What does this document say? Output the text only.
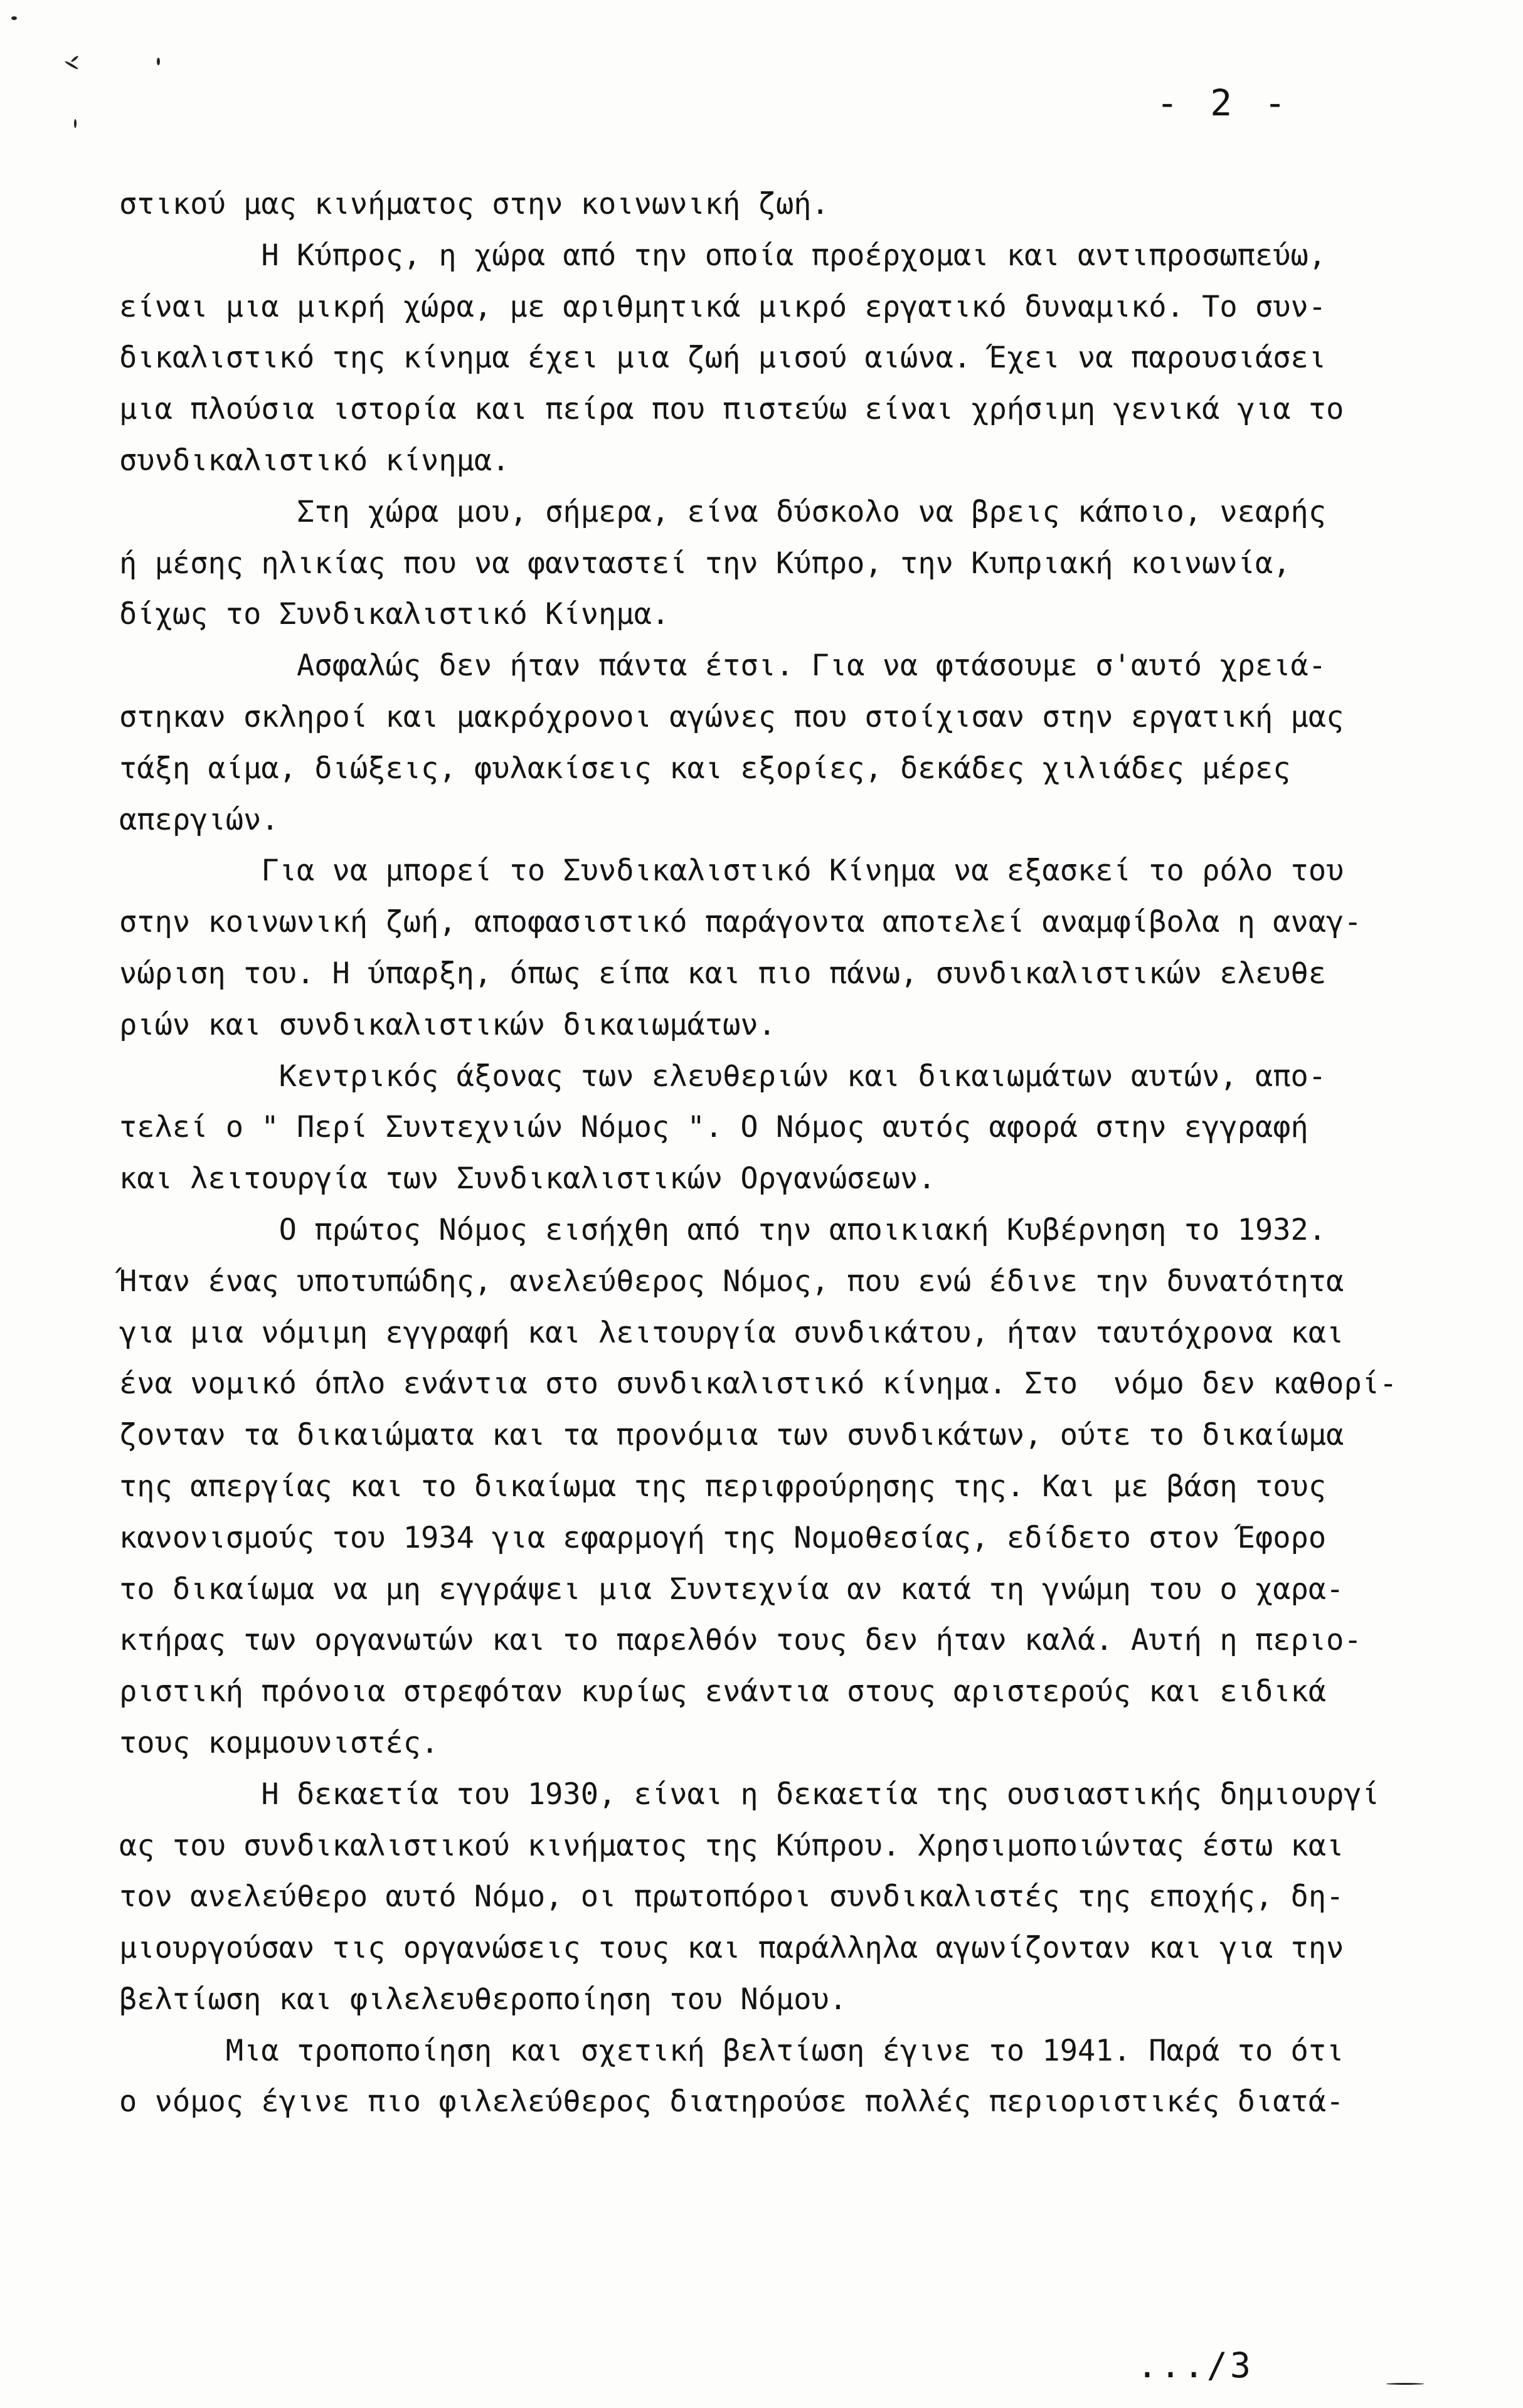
- 2 -
στικού μας κινήματος στην κοινωνική ζωή.
Η Κύπρος, η χώρα από την οποία προέρχομαι και αντιπροσωπεύω,
είναι μια μικρή χώρα, με αριθμητικά μικρό εργατικό δυναμικό. Το συν-
δικαλιστικό της κίνημα έχει μια ζωή μισού αιώνα. Έχει να παρουσιάσει
μια πλούσια ιστορία και πείρα που πιστεύω είναι χρήσιμη γενικά για το
συνδικαλιστικό κίνημα.
Στη χώρα μου, σήμερα, είνα δύσκολο να βρεις κάποιο, νεαρής
ή μέσης ηλικίας που να φανταστεί την Κύπρο, την Κυπριακή κοινωνία,
δίχως το Συνδικαλιστικό Κίνημα.
Ασφαλώς δεν ήταν πάντα έτσι. Για να φτάσουμε σ'αυτό χρειά-
στηκαν σκληροί και μακρόχρονοι αγώνες που στοίχισαν στην εργατική μας
τάξη αίμα, διώξεις, φυλακίσεις και εξορίες, δεκάδες χιλιάδες μέρες
απεργιών.
Για να μπορεί το Συνδικαλιστικό Κίνημα να εξασκεί το ρόλο του
στην κοινωνική ζωή, αποφασιστικό παράγοντα αποτελεί αναμφίβολα η αναγ-
νώριση του. Η ύπαρξη, όπως είπα και πιο πάνω, συνδικαλιστικών ελευθε
ριών και συνδικαλιστικών δικαιωμάτων.
Κεντρικός άξονας των ελευθεριών και δικαιωμάτων αυτών, απο-
τελεί ο " Περί Συντεχνιών Νόμος ". Ο Νόμος αυτός αφορά στην εγγραφή
και λειτουργία των Συνδικαλιστικών Οργανώσεων.
Ο πρώτος Νόμος εισήχθη από την αποικιακή Κυβέρνηση το 1932.
Ήταν ένας υποτυπώδης, ανελεύθερος Νόμος, που ενώ έδινε την δυνατότητα
για μια νόμιμη εγγραφή και λειτουργία συνδικάτου, ήταν ταυτόχρονα και
ένα νομικό όπλο ενάντια στο συνδικαλιστικό κίνημα. Στο  νόμο δεν καθορί-
ζονταν τα δικαιώματα και τα προνόμια των συνδικάτων, ούτε το δικαίωμα
της απεργίας και το δικαίωμα της περιφρούρησης της. Και με βάση τους
κανονισμούς του 1934 για εφαρμογή της Νομοθεσίας, εδίδετο στον Έφορο
το δικαίωμα να μη εγγράψει μια Συντεχνία αν κατά τη γνώμη του ο χαρα-
κτήρας των οργανωτών και το παρελθόν τους δεν ήταν καλά. Αυτή η περιο-
ριστική πρόνοια στρεφόταν κυρίως ενάντια στους αριστερούς και ειδικά
τους κομμουνιστές.
Η δεκαετία του 1930, είναι η δεκαετία της ουσιαστικής δημιουργί
ας του συνδικαλιστικού κινήματος της Κύπρου. Χρησιμοποιώντας έστω και
τον ανελεύθερο αυτό Νόμο, οι πρωτοπόροι συνδικαλιστές της εποχής, δη-
μιουργούσαν τις οργανώσεις τους και παράλληλα αγωνίζονταν και για την
βελτίωση και φιλελευθεροποίηση του Νόμου.
Μια τροποποίηση και σχετική βελτίωση έγινε το 1941. Παρά το ότι
ο νόμος έγινε πιο φιλελεύθερος διατηρούσε πολλές περιοριστικές διατά-
.../3
